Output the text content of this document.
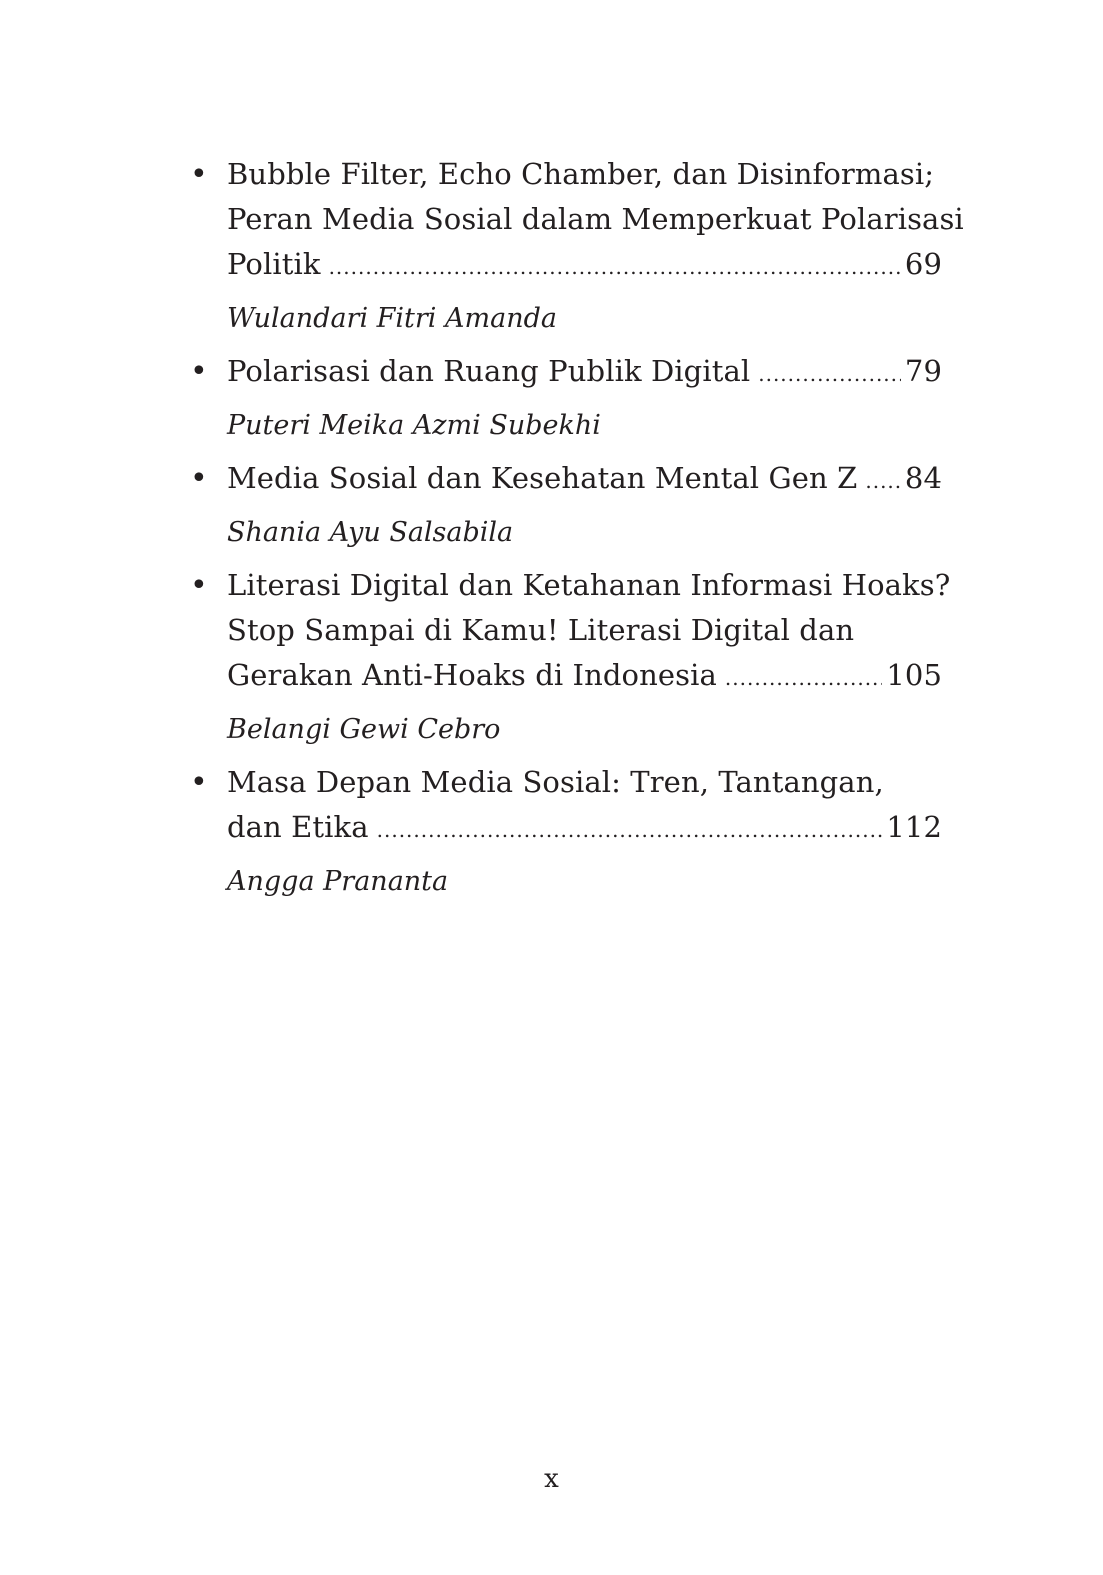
• Bubble Filter, Echo Chamber, dan Disinformasi;
Peran Media Sosial dalam Memperkuat Polarisasi
Politik .....	69
Wulandari Fitri Amanda
• Polarisasi dan Ruang Publik Digital .....	79
Puteri Meika Azmi Subekhi
• Media Sosial dan Kesehatan Mental Gen Z ..... 84
Shania Ayu Salsabila
• Literasi Digital dan Ketahanan Informasi Hoaks?
Stop Sampai di Kamu! Literasi Digital dan
Gerakan Anti-Hoaks di Indonesia .....	105
Belangi Gewi Cebro
• Masa Depan Media Sosial: Tren, Tantangan,
dan Etika .....	112
Angga Prananta
x
